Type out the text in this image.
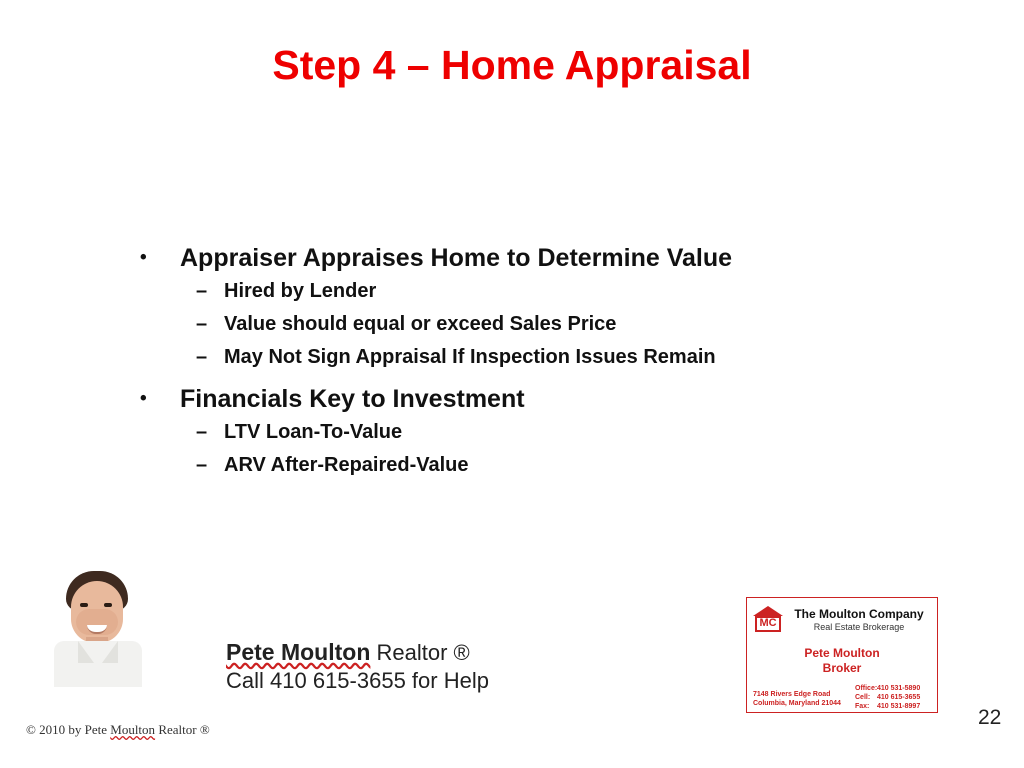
Step 4 – Home Appraisal
•	Appraiser Appraises Home to Determine Value
– Hired by Lender
– Value should equal or exceed Sales Price
– May Not Sign Appraisal If Inspection Issues Remain
•	Financials Key to Investment
– LTV Loan-To-Value
– ARV After-Repaired-Value
Pete Moulton Realtor ®
Call 410 615-3655 for Help
MC
The Moulton Company
Real Estate Brokerage
Pete Moulton
Broker
7148 Rivers Edge Road
Columbia, Maryland 21044
Office:410 531-5890
Cell: 410 615-3655
Fax: 410 531-8997
© 2010 by Pete Moulton Realtor ®
22
